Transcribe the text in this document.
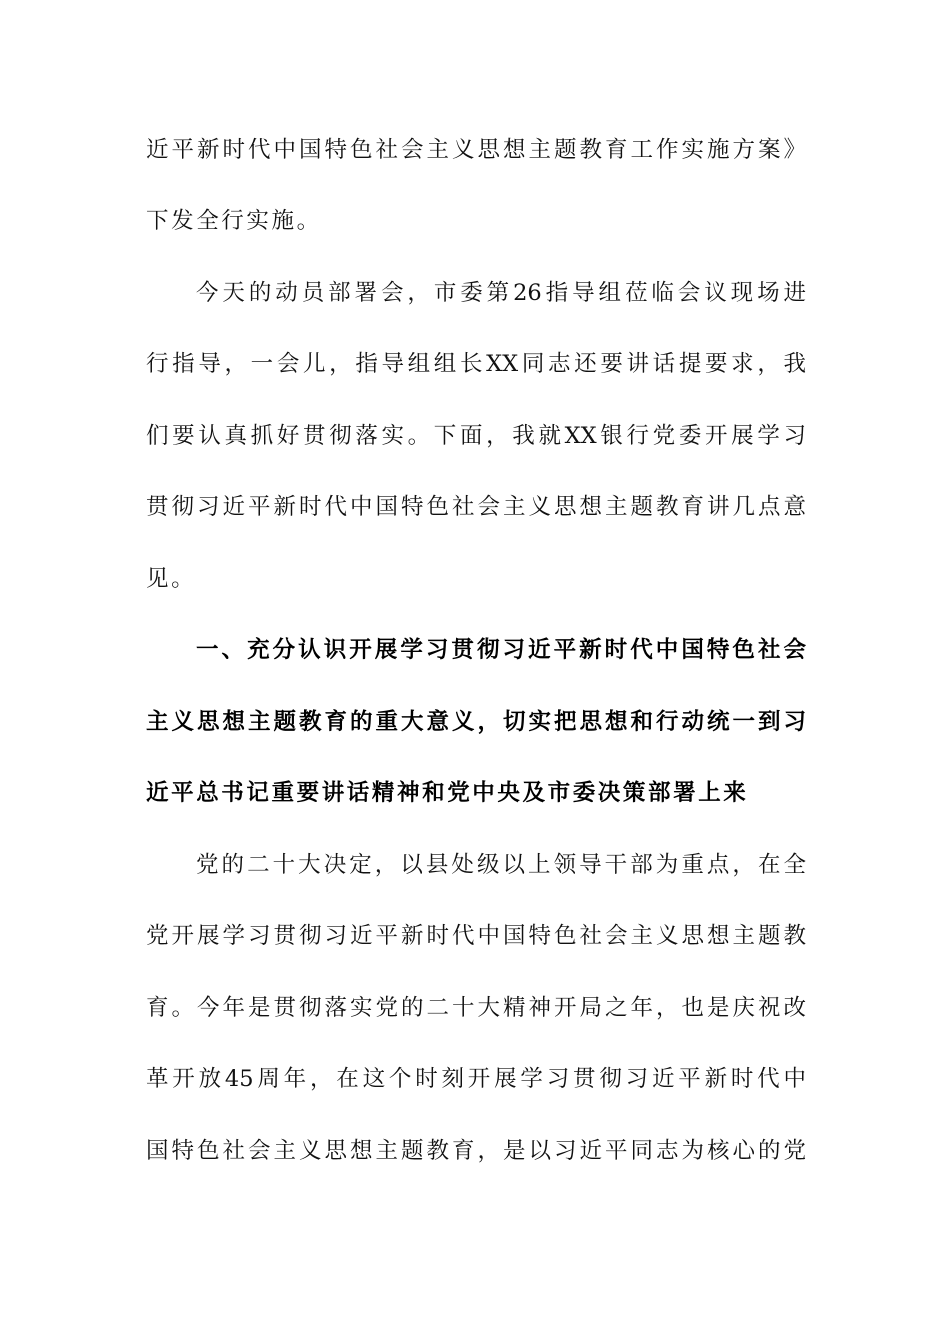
近平新时代中国特色社会主义思想主题教育工作实施方案》
下发全行实施。
今天的动员部署会，市委第26指导组莅临会议现场进
行指导，一会儿，指导组组长XX同志还要讲话提要求，我
们要认真抓好贯彻落实。下面，我就XX银行党委开展学习
贯彻习近平新时代中国特色社会主义思想主题教育讲几点意
见。
一、充分认识开展学习贯彻习近平新时代中国特色社会
主义思想主题教育的重大意义，切实把思想和行动统一到习
近平总书记重要讲话精神和党中央及市委决策部署上来
党的二十大决定，以县处级以上领导干部为重点，在全
党开展学习贯彻习近平新时代中国特色社会主义思想主题教
育。今年是贯彻落实党的二十大精神开局之年，也是庆祝改
革开放45周年，在这个时刻开展学习贯彻习近平新时代中
国特色社会主义思想主题教育，是以习近平同志为核心的党
